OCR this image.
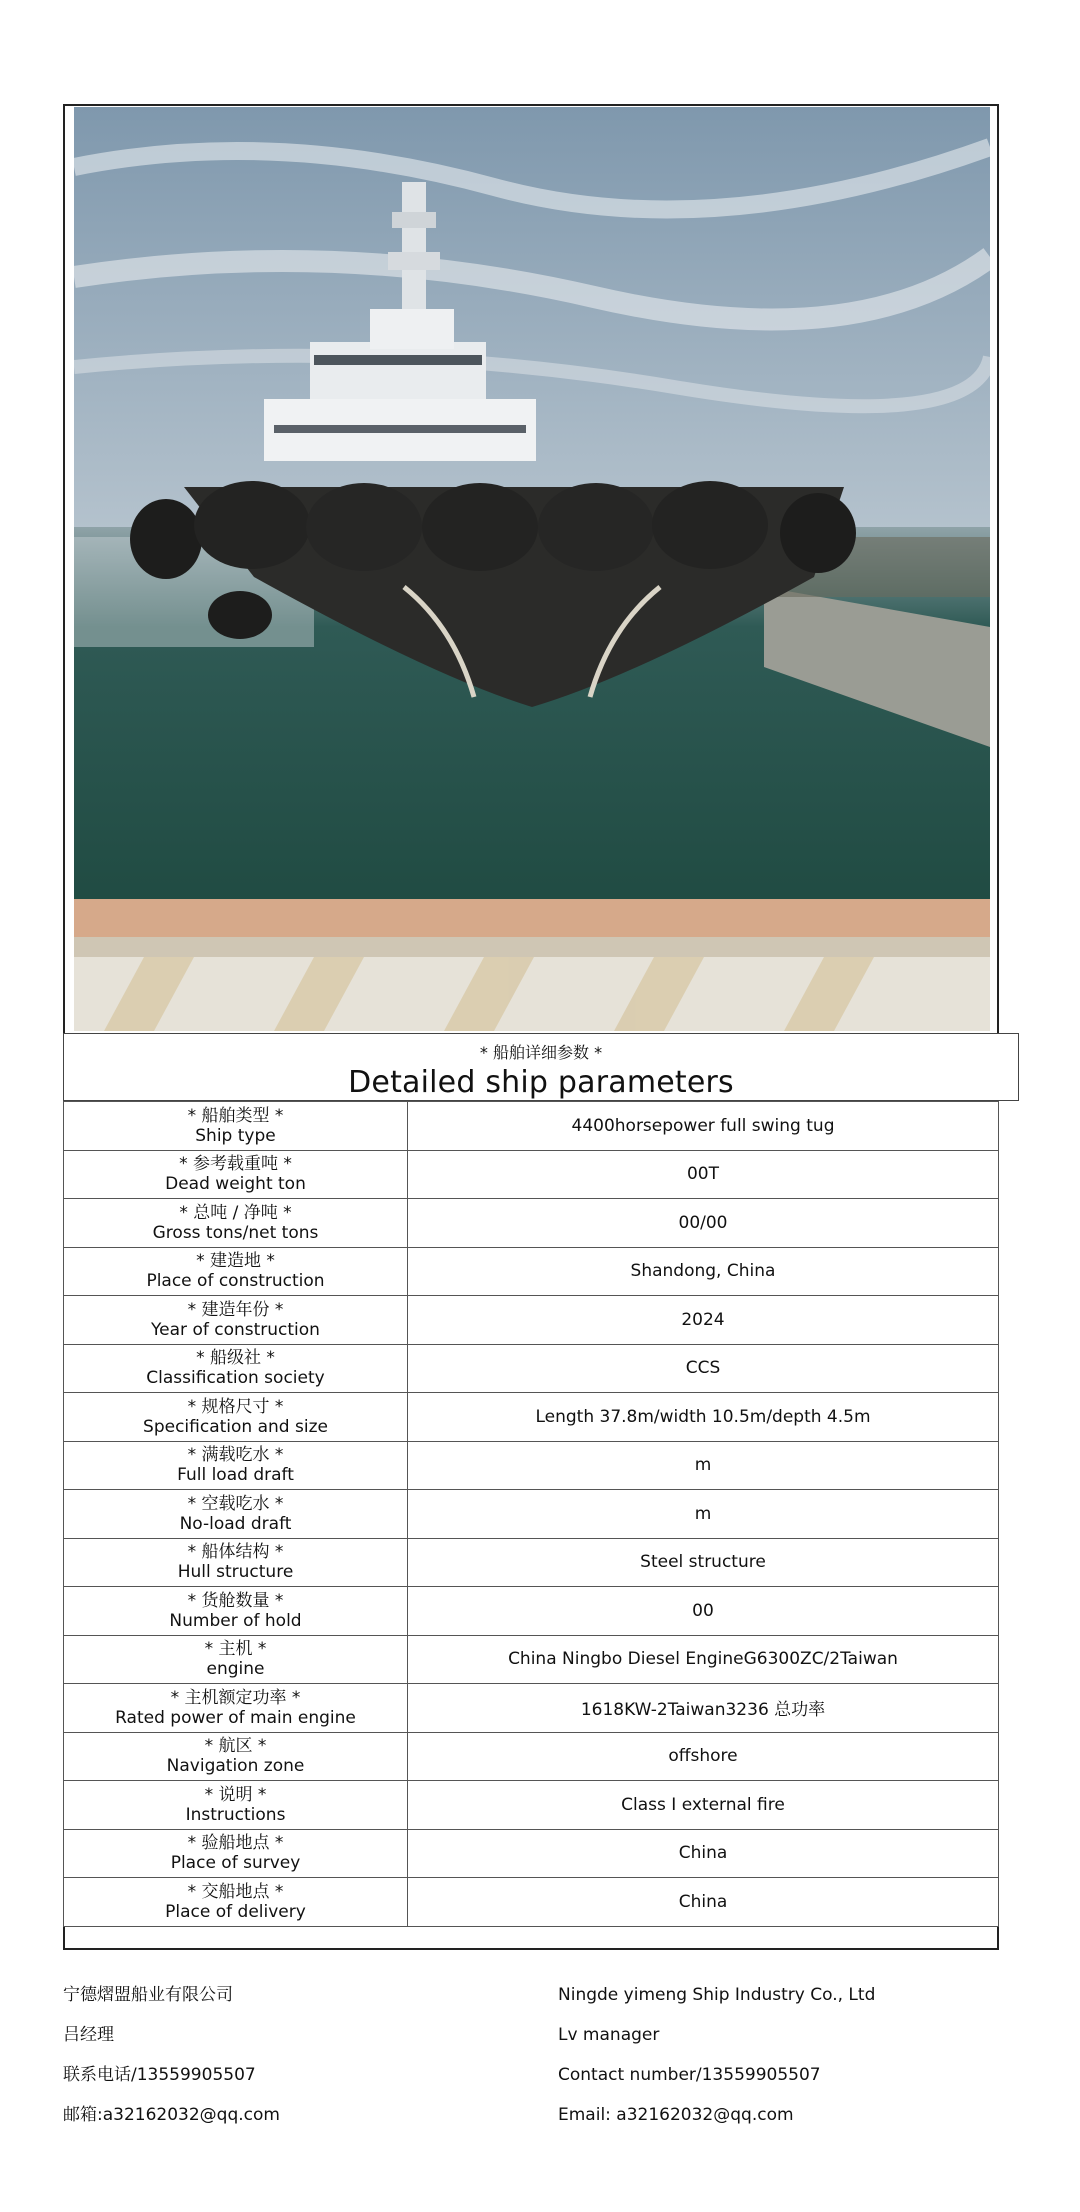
* 船舶详细参数 *
Detailed ship parameters
* 船舶类型 *
Ship type	4400horsepower full swing tug

* 参考载重吨 *
Dead weight ton	00T

* 总吨 / 净吨 *
Gross tons/net tons	00/00

* 建造地 *
Place of construction	Shandong, China

* 建造年份 *
Year of construction	2024

* 船级社 *
Classification society	CCS

* 规格尺寸 *
Specification and size	Length 37.8m/width 10.5m/depth 4.5m

* 满载吃水 *
Full load draft	m

* 空载吃水 *
No-load draft	m

* 船体结构 *
Hull structure	Steel structure

* 货舱数量 *
Number of hold	00

* 主机 *
engine	China Ningbo Diesel EngineG6300ZC/2Taiwan

* 主机额定功率 *
Rated power of main engine	1618KW-2Taiwan3236 总功率

* 航区 *
Navigation zone	offshore

* 说明 *
Instructions	Class I external fire

* 验船地点 *
Place of survey	China

* 交船地点 *
Place of delivery	China
宁德熠盟船业有限公司
吕经理
联系电话/13559905507
邮箱:a32162032@qq.com
Ningde yimeng Ship Industry Co., Ltd
Lv manager
Contact number/13559905507
Email: a32162032@qq.com
